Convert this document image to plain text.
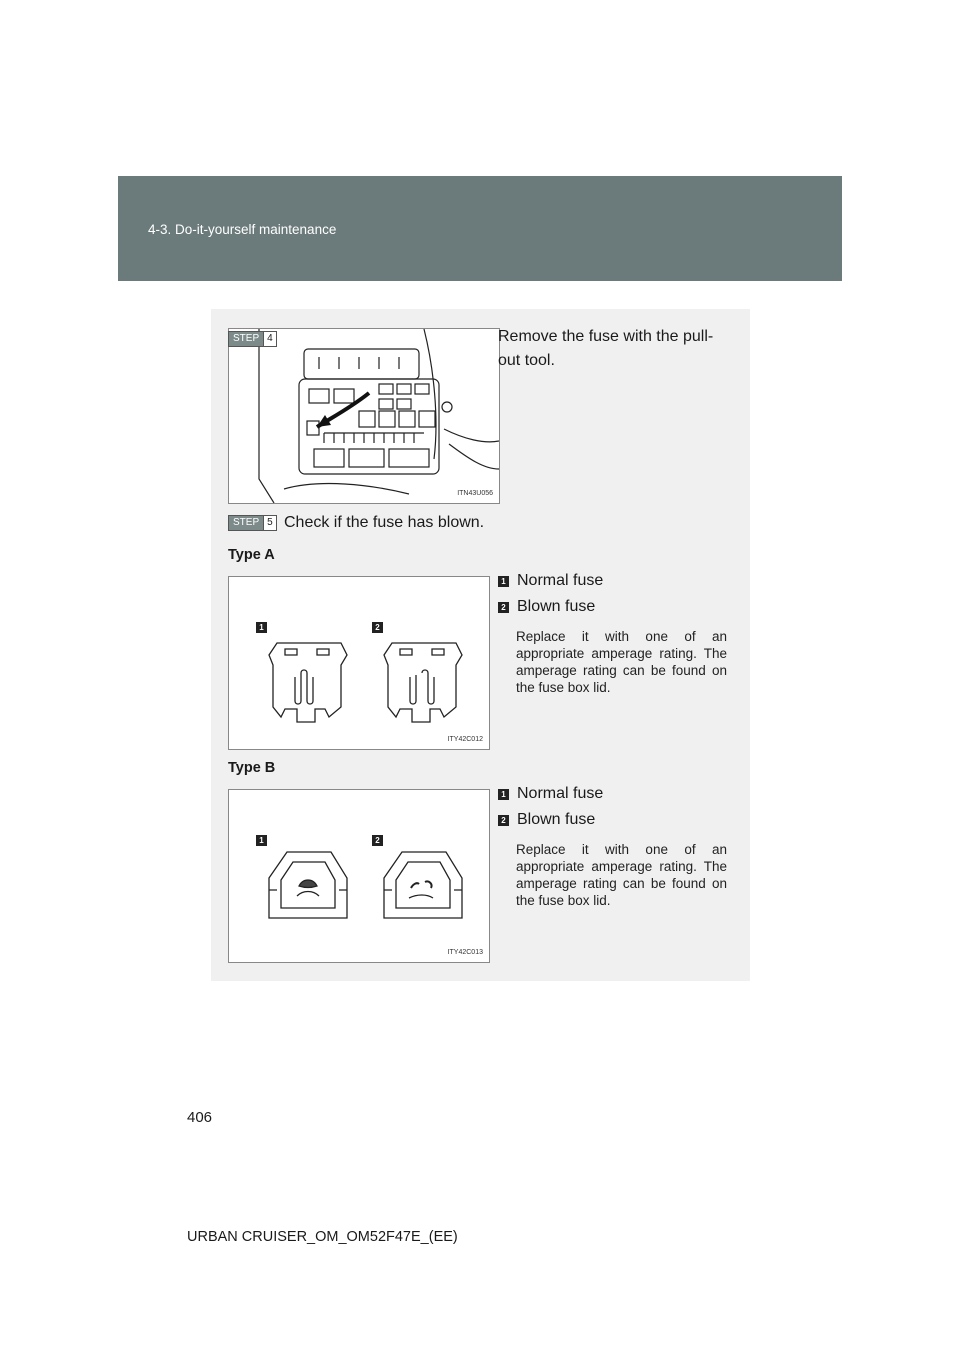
4-3. Do-it-yourself maintenance
ITN43U056
STEP 4	Remove the fuse with the pull-out tool.
STEP 5 Check if the fuse has blown.
Type A
1	2
ITY42C012
1 Normal fuse
2 Blown fuse
Replace it with one of an appropriate amperage rating. The amperage rating can be found on the fuse box lid.
Type B
1	2
ITY42C013
1 Normal fuse
2 Blown fuse
Replace it with one of an appropriate amperage rating. The amperage rating can be found on the fuse box lid.
406
URBAN CRUISER_OM_OM52F47E_(EE)
